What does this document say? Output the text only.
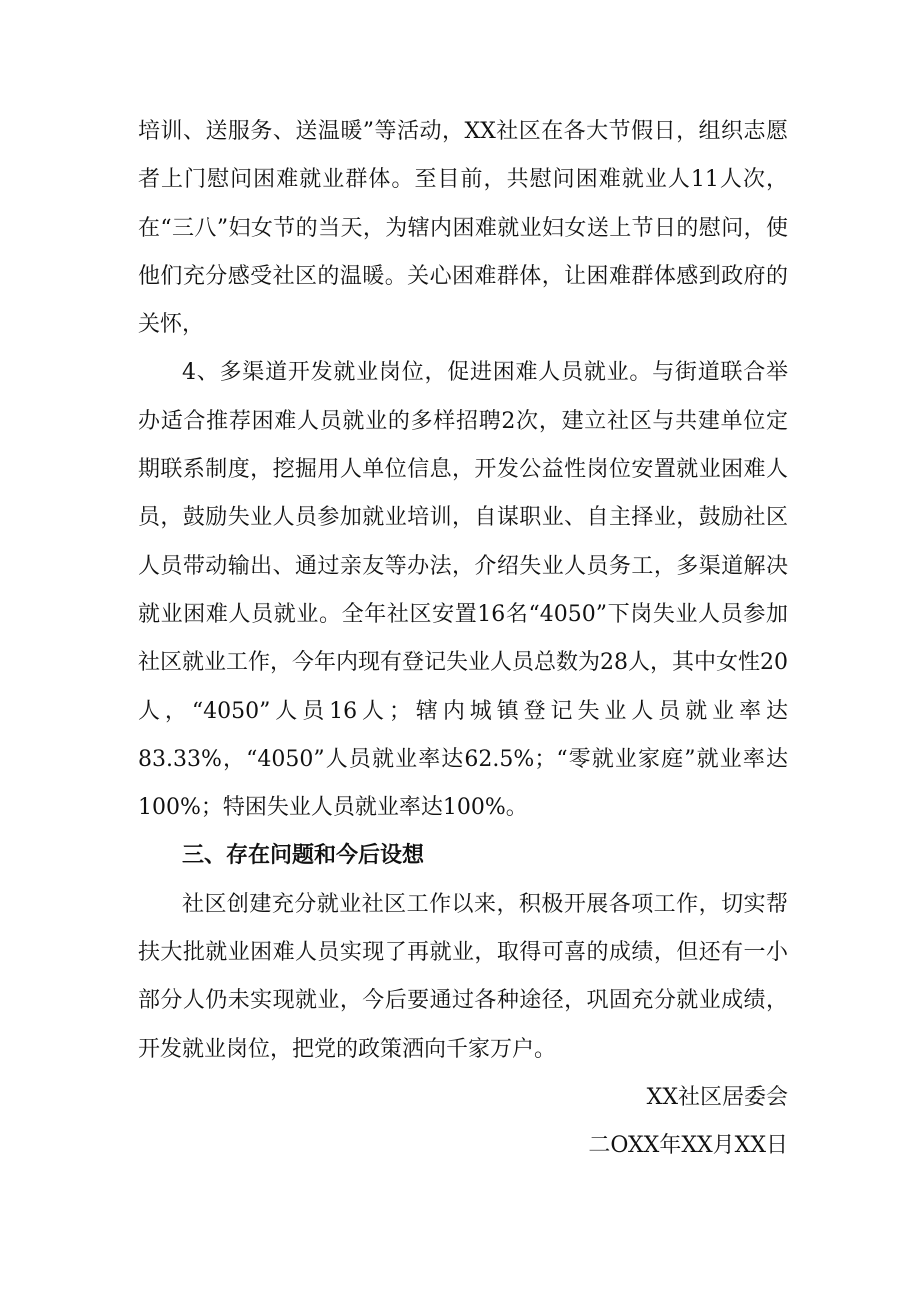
培训、送服务、送温暖”等活动，XX社区在各大节假日，组织志愿者上门慰问困难就业群体。至目前，共慰问困难就业人11人次，在“三八”妇女节的当天，为辖内困难就业妇女送上节日的慰问，使他们充分感受社区的温暖。关心困难群体，让困难群体感到政府的关怀，

4、多渠道开发就业岗位，促进困难人员就业。与街道联合举办适合推荐困难人员就业的多样招聘2次，建立社区与共建单位定期联系制度，挖掘用人单位信息，开发公益性岗位安置就业困难人员，鼓励失业人员参加就业培训，自谋职业、自主择业，鼓励社区人员带动输出、通过亲友等办法，介绍失业人员务工，多渠道解决就业困难人员就业。全年社区安置16名“4050”下岗失业人员参加社区就业工作，今年内现有登记失业人员总数为28人，其中女性20人，“4050”人员16人；辖内城镇登记失业人员就业率达83.33%，“4050”人员就业率达62.5%；“零就业家庭”就业率达100%；特困失业人员就业率达100%。

三、存在问题和今后设想

社区创建充分就业社区工作以来，积极开展各项工作，切实帮扶大批就业困难人员实现了再就业，取得可喜的成绩，但还有一小部分人仍未实现就业，今后要通过各种途径，巩固充分就业成绩，开发就业岗位，把党的政策洒向千家万户。

XX社区居委会

二OXX年XX月XX日
